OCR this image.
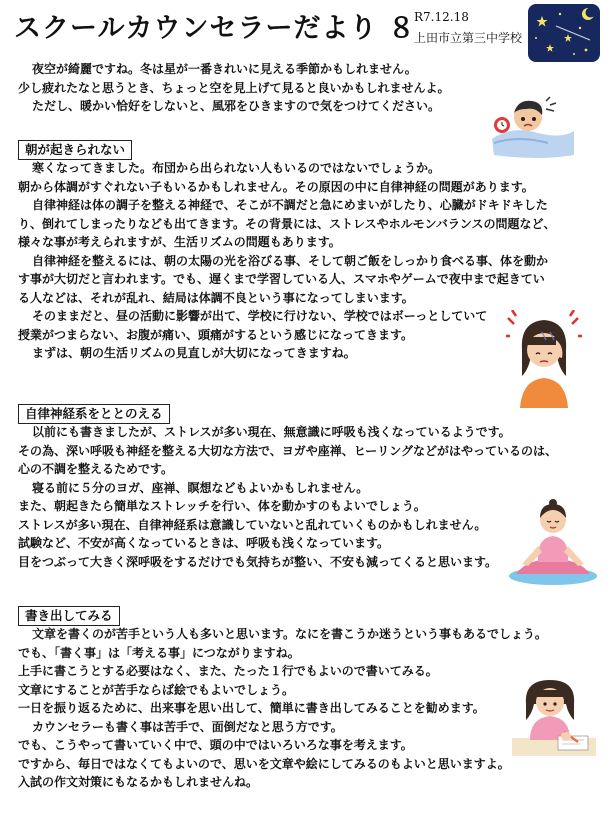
スクールカウンセラーだより ８
R7.12.18
上田市立第三中学校

夜空が綺麗ですね。冬は星が一番きれいに見える季節かもしれません。

少し疲れたなと思うとき、ちょっと空を見上げて見ると良いかもしれませんよ。

ただし、暖かい恰好をしないと、風邪をひきますので気をつけてください。

朝が起きられない

寒くなってきました。布団から出られない人もいるのではないでしょうか。

朝から体調がすぐれない子もいるかもしれません。その原因の中に自律神経の問題があります。

自律神経は体の調子を整える神経で、そこが不調だと急にめまいがしたり、心臓がドキドキした

り、倒れてしまったりなども出てきます。その背景には、ストレスやホルモンバランスの問題など、

様々な事が考えられますが、生活リズムの問題もあります。

自律神経を整えるには、朝の太陽の光を浴びる事、そして朝ご飯をしっかり食べる事、体を動か

す事が大切だと言われます。でも、遅くまで学習している人、スマホやゲームで夜中まで起きてい

る人などは、それが乱れ、結局は体調不良という事になってしまいます。

そのままだと、昼の活動に影響が出て、学校に行けない、学校ではボーっとしていて

授業がつまらない、お腹が痛い、頭痛がするという感じになってきます。

まずは、朝の生活リズムの見直しが大切になってきますね。

自律神経系をととのえる

以前にも書きましたが、ストレスが多い現在、無意識に呼吸も浅くなっているようです。

その為、深い呼吸も神経を整える大切な方法で、ヨガや座禅、ヒーリングなどがはやっているのは、

心の不調を整えるためです。

寝る前に５分のヨガ、座禅、瞑想などもよいかもしれません。

また、朝起きたら簡単なストレッチを行い、体を動かすのもよいでしょう。

ストレスが多い現在、自律神経系は意識していないと乱れていくものかもしれません。

試験など、不安が高くなっているときは、呼吸も浅くなっています。

目をつぶって大きく深呼吸をするだけでも気持ちが整い、不安も減ってくると思います。

書き出してみる

文章を書くのが苦手という人も多いと思います。なにを書こうか迷うという事もあるでしょう。

でも、「書く事」は「考える事」につながりますね。

上手に書こうとする必要はなく、また、たった１行でもよいので書いてみる。

文章にすることが苦手ならば絵でもよいでしょう。

一日を振り返るために、出来事を思い出して、簡単に書き出してみることを勧めます。

カウンセラーも書く事は苦手で、面倒だなと思う方です。

でも、こうやって書いていく中で、頭の中ではいろいろな事を考えます。

ですから、毎日ではなくてもよいので、思いを文章や絵にしてみるのもよいと思いますよ。

入試の作文対策にもなるかもしれませんね。
